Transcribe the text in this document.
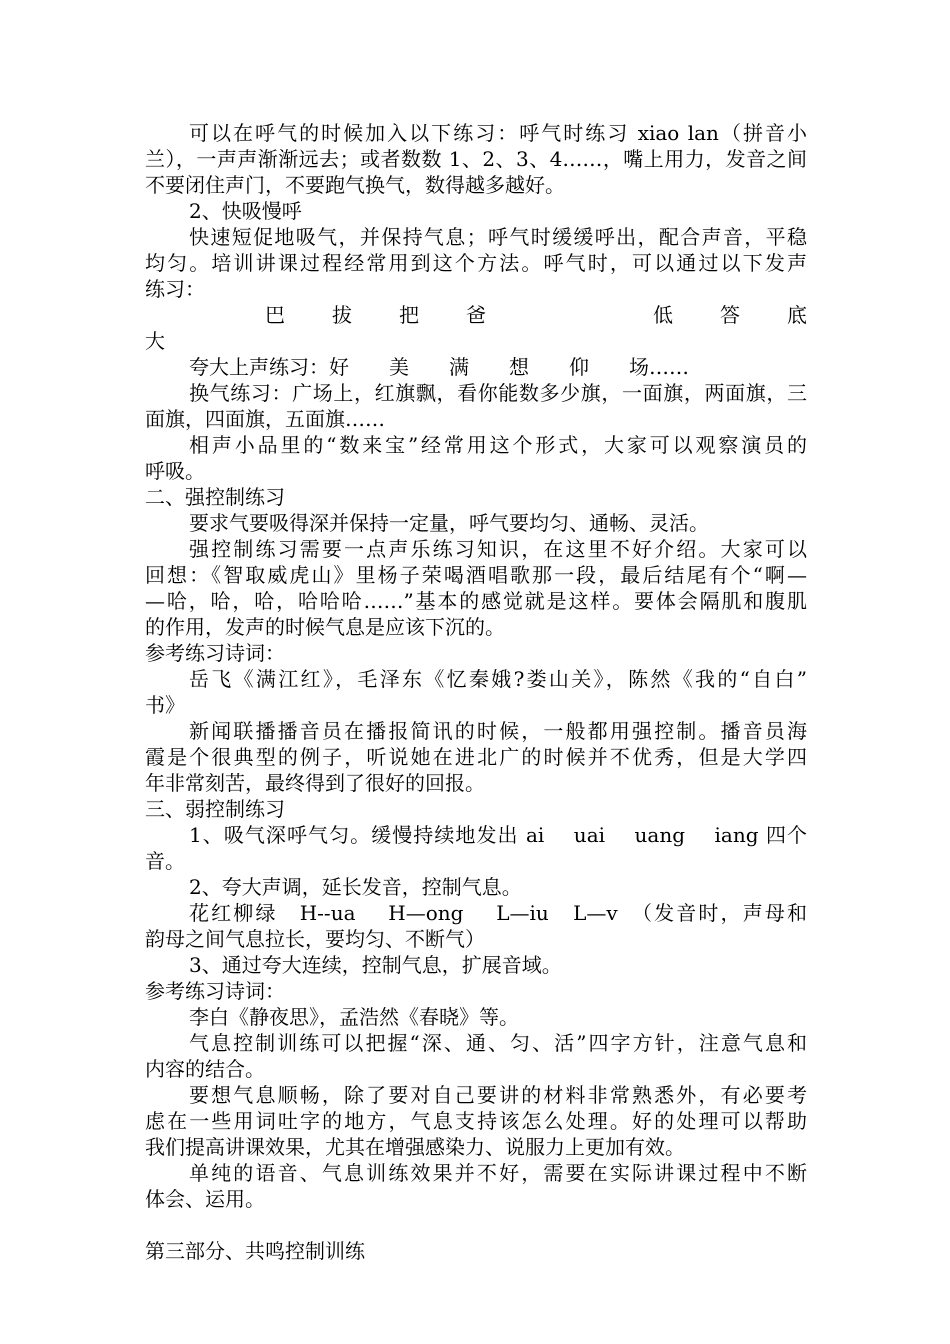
可以在呼气的时候加入以下练习：呼气时练习 xiao lan（拼音小
兰），一声声渐渐远去；或者数数 1、2、3、4……，嘴上用力，发音之间
不要闭住声门，不要跑气换气，数得越多越好。
2、快吸慢呼
快速短促地吸气，并保持气息；呼气时缓缓呼出，配合声音，平稳
均匀。培训讲课过程经常用到这个方法。呼气时，可以通过以下发声
练习：
巴 拔 把 爸	低 答 底
大
夸大上声练习：好　　美　　满　　想　　仰　　场……
换气练习：广场上，红旗飘，看你能数多少旗，一面旗，两面旗，三
面旗，四面旗，五面旗……
相声小品里的“数来宝”经常用这个形式，大家可以观察演员的
呼吸。
二、强控制练习
要求气要吸得深并保持一定量，呼气要均匀、通畅、灵活。
强控制练习需要一点声乐练习知识，在这里不好介绍。大家可以
回想：《智取威虎山》里杨子荣喝酒唱歌那一段，最后结尾有个“啊—
—哈，哈，哈，哈哈哈……”基本的感觉就是这样。要体会隔肌和腹肌
的作用，发声的时候气息是应该下沉的。
参考练习诗词：
岳飞《满江红》，毛泽东《忆秦娥?娄山关》，陈然《我的“自白”
书》
新闻联播播音员在播报简讯的时候，一般都用强控制。播音员海
霞是个很典型的例子，听说她在进北广的时候并不优秀，但是大学四
年非常刻苦，最终得到了很好的回报。
三、弱控制练习
1、吸气深呼气匀。缓慢持续地发出 ai　 uai　 uang　 iang 四个
音。
2、夸大声调，延长发音，控制气息。
花红柳绿　H--ua　 H—ong　 L—iu　L—v　（发音时，声母和
韵母之间气息拉长，要均匀、不断气）
3、通过夸大连续，控制气息，扩展音域。
参考练习诗词：
李白《静夜思》，孟浩然《春晓》等。
气息控制训练可以把握“深、通、匀、活”四字方针，注意气息和
内容的结合。
要想气息顺畅，除了要对自己要讲的材料非常熟悉外，有必要考
虑在一些用词吐字的地方，气息支持该怎么处理。好的处理可以帮助
我们提高讲课效果，尤其在增强感染力、说服力上更加有效。
单纯的语音、气息训练效果并不好，需要在实际讲课过程中不断
体会、运用。
第三部分、共鸣控制训练
